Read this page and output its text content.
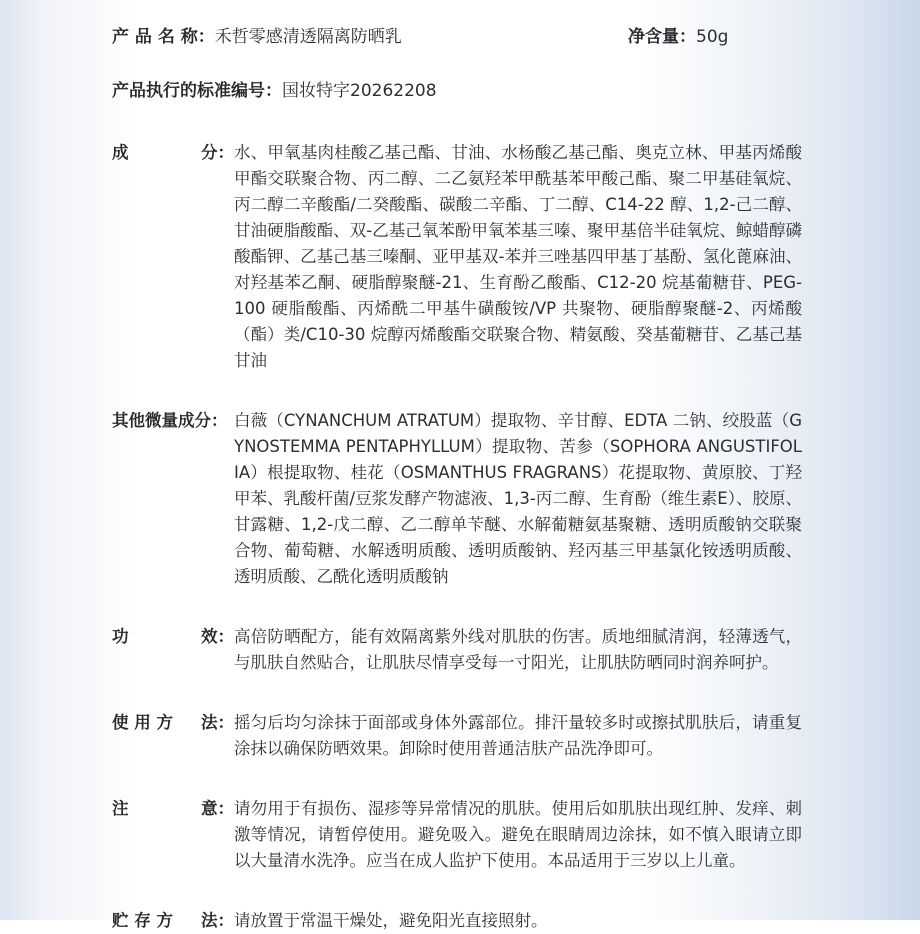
产 品 名 称：禾哲零感清透隔离防晒乳	净含量：50g
产品执行的标准编号：国妆特字20262208
成	分： 水、甲氧基肉桂酸乙基己酯、甘油、水杨酸乙基己酯、奥克立林、甲基丙烯酸甲酯交联聚合物、丙二醇、二乙氨羟苯甲酰基苯甲酸己酯、聚二甲基硅氧烷、丙二醇二辛酸酯/二癸酸酯、碳酸二辛酯、丁二醇、C14-22 醇、1,2-己二醇、甘油硬脂酸酯、双-乙基己氧苯酚甲氧苯基三嗪、聚甲基倍半硅氧烷、鲸蜡醇磷酸酯钾、乙基己基三嗪酮、亚甲基双-苯并三唑基四甲基丁基酚、氢化蓖麻油、对羟基苯乙酮、硬脂醇聚醚-21、生育酚乙酸酯、C12-20 烷基葡糖苷、PEG-100 硬脂酸酯、丙烯酰二甲基牛磺酸铵/VP 共聚物、硬脂醇聚醚-2、丙烯酸（酯）类/C10-30 烷醇丙烯酸酯交联聚合物、精氨酸、癸基葡糖苷、乙基己基甘油
其他微量成分： 白薇（CYNANCHUM ATRATUM）提取物、辛甘醇、EDTA 二钠、绞股蓝（GYNOSTEMMA PENTAPHYLLUM）提取物、苦参（SOPHORA ANGUSTIFOLIA）根提取物、桂花（OSMANTHUS FRAGRANS）花提取物、黄原胶、丁羟甲苯、乳酸杆菌/豆浆发酵产物滤液、1,3-丙二醇、生育酚（维生素E）、胶原、甘露糖、1,2-戊二醇、乙二醇单苄醚、水解葡糖氨基聚糖、透明质酸钠交联聚合物、葡萄糖、水解透明质酸、透明质酸钠、羟丙基三甲基氯化铵透明质酸、透明质酸、乙酰化透明质酸钠
功	效： 高倍防晒配方，能有效隔离紫外线对肌肤的伤害。质地细腻清润，轻薄透气，与肌肤自然贴合，让肌肤尽情享受每一寸阳光，让肌肤防晒同时润养呵护。
使 用 方 法： 摇匀后均匀涂抹于面部或身体外露部位。排汗量较多时或擦拭肌肤后，请重复涂抹以确保防晒效果。卸除时使用普通洁肤产品洗净即可。
注	意： 请勿用于有损伤、湿疹等异常情况的肌肤。使用后如肌肤出现红肿、发痒、刺激等情况，请暂停使用。避免吸入。避免在眼睛周边涂抹，如不慎入眼请立即以大量清水洗净。应当在成人监护下使用。本品适用于三岁以上儿童。
贮 存 方 法： 请放置于常温干燥处，避免阳光直接照射。
